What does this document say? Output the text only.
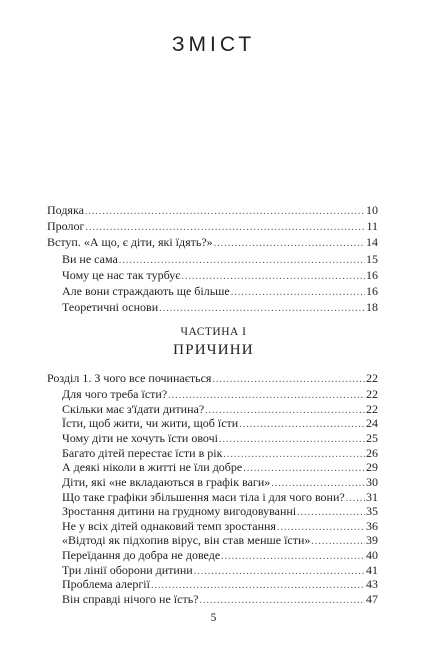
ЗМІСТ
Подяка .....	10
Пролог .....	11
Вступ. «А що, є діти, які їдять?» .....	14
Ви не сама .....	15
Чому це нас так турбує .....	16
Але вони страждають ще більше .....	16
Теоретичні основи .....	18
ЧАСТИНА І
ПРИЧИНИ
Розділ 1. З чого все починається .....	22
Для чого треба їсти? .....	22
Скільки має з'їдати дитина? .....	22
Їсти, щоб жити, чи жити, щоб їсти .....	24
Чому діти не хочуть їсти овочі .....	25
Багато дітей перестає їсти в рік .....	26
А деякі ніколи в житті не їли добре .....	29
Діти, які «не вкладаються в графік ваги» .....	30
Що таке графіки збільшення маси тіла і для чого вони? ..... 31
Зростання дитини на грудному вигодовуванні .....	35
Не у всіх дітей однаковий темп зростання .....	36
«Відтоді як підхопив вірус, він став менше їсти» .....	39
Переїдання до добра не доведе .....	40
Три лінії оборони дитини .....	41
Проблема алергії .....	43
Він справді нічого не їсть? .....	47
5
